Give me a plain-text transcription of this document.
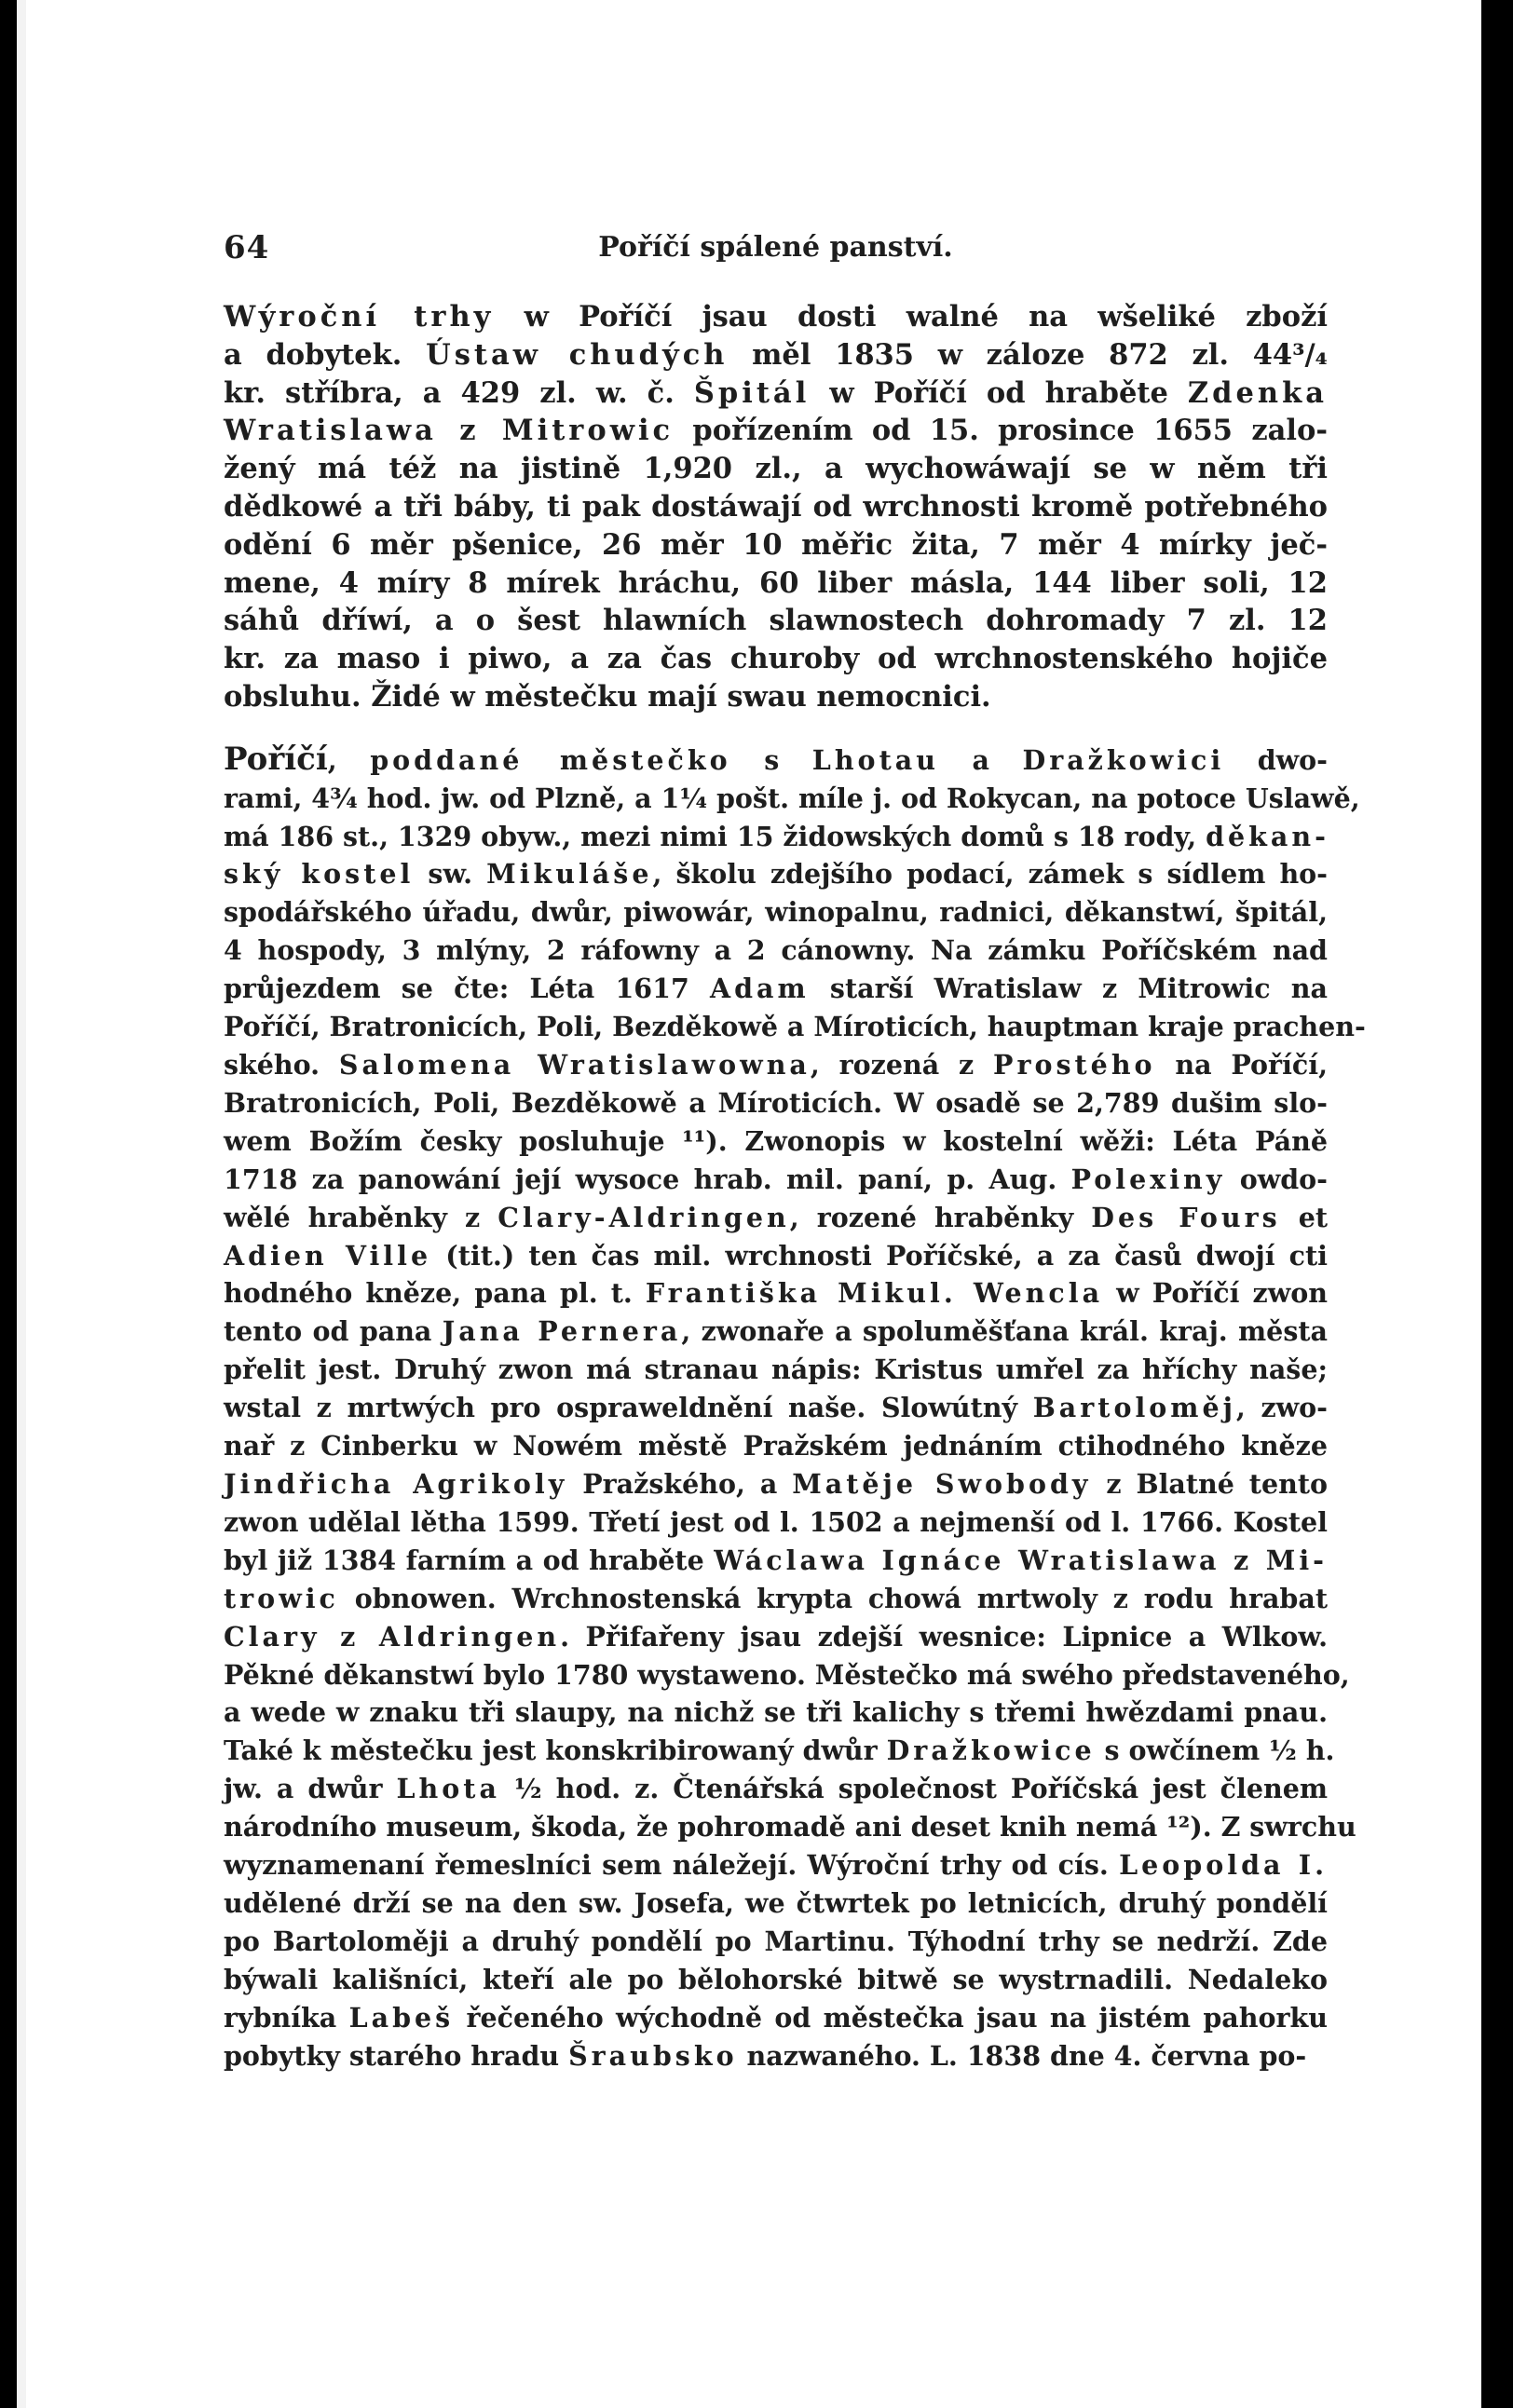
64	Poříčí spálené panství.
Wýroční trhy w Poříčí jsau dosti walné na wšeliké zboží
a dobytek. Ústaw chudých měl 1835 w záloze 872 zl. 44³/₄
kr. stříbra, a 429 zl. w. č. Špitál w Poříčí od hraběte Zdenka
Wratislawa z Mitrowic pořízením od 15. prosince 1655 zalo-
žený má též na jistině 1,920 zl., a wychowáwají se w něm tři
dědkowé a tři báby, ti pak dostáwají od wrchnosti kromě potřebného
odění 6 měr pšenice, 26 měr 10 měřic žita, 7 měr 4 mírky ječ-
mene, 4 míry 8 mírek hráchu, 60 liber másla, 144 liber soli, 12
sáhů dříwí, a o šest hlawních slawnostech dohromady 7 zl. 12
kr. za maso i piwo, a za čas churoby od wrchnostenského hojiče
obsluhu. Židé w městečku mají swau nemocnici.
Poříčí, poddané městečko s Lhotau a Dražkowici dwo-
rami, 4¾ hod. jw. od Plzně, a 1¼ pošt. míle j. od Rokycan, na potoce Uslawě,
má 186 st., 1329 obyw., mezi nimi 15 židowských domů s 18 rody, děkan-
ský kostel sw. Mikuláše, školu zdejšího podací, zámek s sídlem ho-
spodářského úřadu, dwůr, piwowár, winopalnu, radnici, děkanstwí, špitál,
4 hospody, 3 mlýny, 2 ráfowny a 2 cánowny. Na zámku Poříčském nad
průjezdem se čte: Léta 1617 Adam starší Wratislaw z Mitrowic na
Poříčí, Bratronicích, Poli, Bezděkowě a Míroticích, hauptman kraje prachen-
ského. Salomena Wratislawowna, rozená z Prostého na Poříčí,
Bratronicích, Poli, Bezděkowě a Míroticích. W osadě se 2,789 dušim slo-
wem Božím česky posluhuje ¹¹). Zwonopis w kostelní wěži: Léta Páně
1718 za panowání její wysoce hrab. mil. paní, p. Aug. Polexiny owdo-
wělé hraběnky z Clary-Aldringen, rozené hraběnky Des Fours et
Adien Ville (tit.) ten čas mil. wrchnosti Poříčské, a za časů dwojí cti
hodného kněze, pana pl. t. Františka Mikul. Wencla w Poříčí zwon
tento od pana Jana Pernera, zwonaře a spoluměšťana král. kraj. města
přelit jest. Druhý zwon má stranau nápis: Kristus umřel za hříchy naše;
wstal z mrtwých pro ospraweldnění naše. Slowútný Bartoloměj, zwo-
nař z Cinberku w Nowém městě Pražském jednáním ctihodného kněze
Jindřicha Agrikoly Pražského, a Matěje Swobody z Blatné tento
zwon udělal lětha 1599. Třetí jest od l. 1502 a nejmenší od l. 1766. Kostel
byl již 1384 farním a od hraběte Wáclawa Ignáce Wratislawa z Mi-
trowic obnowen. Wrchnostenská krypta chowá mrtwoly z rodu hrabat
Clary z Aldringen. Přifařeny jsau zdejší wesnice: Lipnice a Wlkow.
Pěkné děkanstwí bylo 1780 wystaweno. Městečko má swého představeného,
a wede w znaku tři slaupy, na nichž se tři kalichy s třemi hwězdami pnau.
Také k městečku jest konskribirowaný dwůr Dražkowice s owčínem ½ h.
jw. a dwůr Lhota ½ hod. z. Čtenářská společnost Poříčská jest členem
národního museum, škoda, že pohromadě ani deset knih nemá ¹²). Z swrchu
wyznamenaní řemeslníci sem náležejí. Wýroční trhy od cís. Leopolda I.
udělené drží se na den sw. Josefa, we čtwrtek po letnicích, druhý pondělí
po Bartoloměji a druhý pondělí po Martinu. Týhodní trhy se nedrží. Zde
býwali kališníci, kteří ale po bělohorské bitwě se wystrnadili. Nedaleko
rybníka Labeš řečeného wýchodně od městečka jsau na jistém pahorku
pobytky starého hradu Šraubsko nazwaného. L. 1838 dne 4. června po-
